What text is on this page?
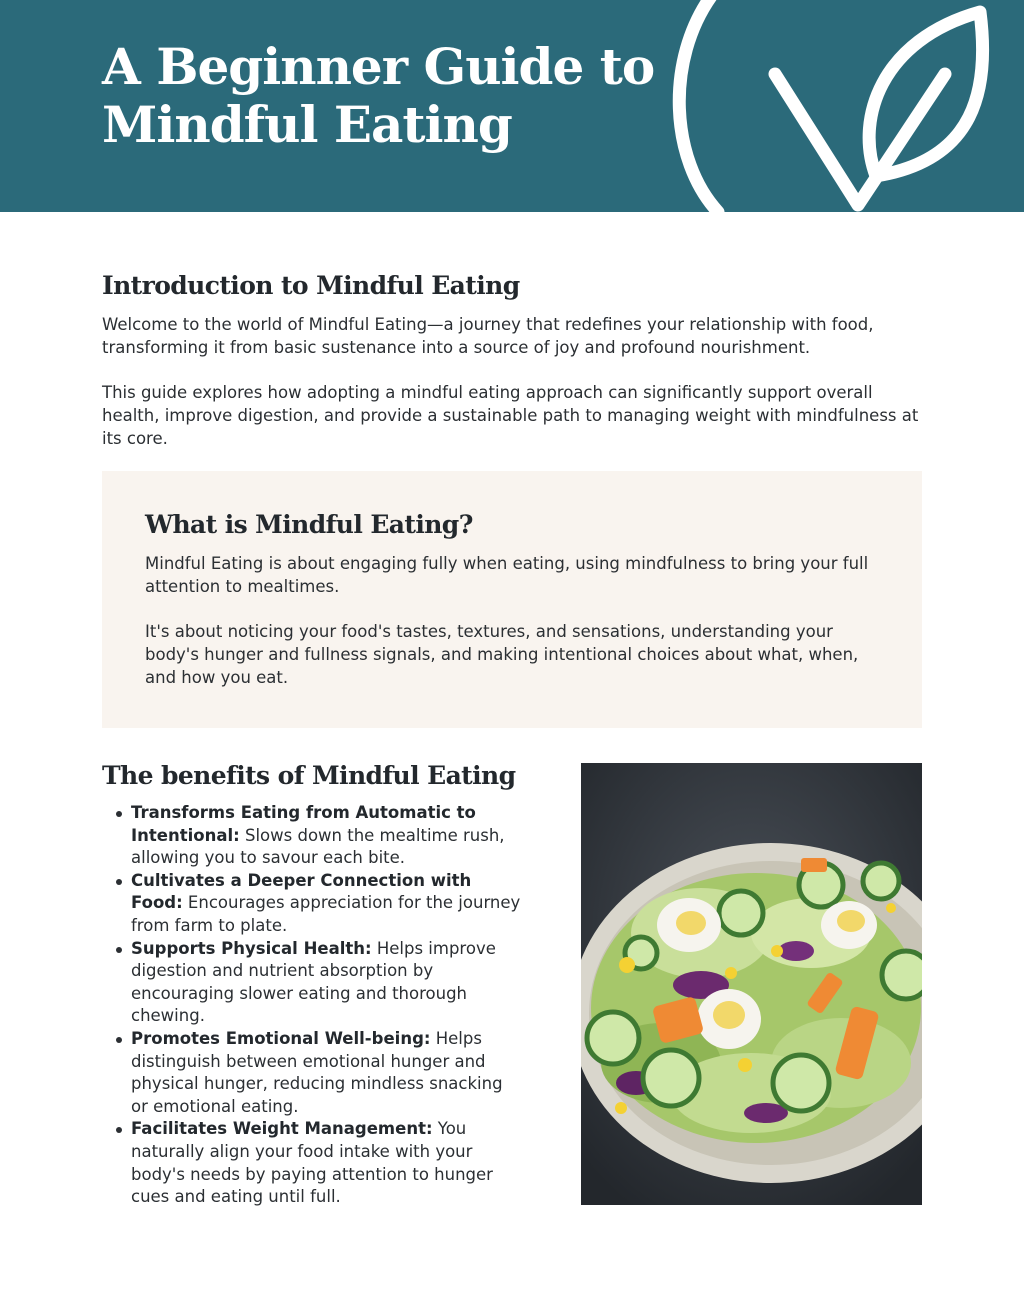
A Beginner Guide to Mindful Eating
Introduction to Mindful Eating

Welcome to the world of Mindful Eating—a journey that redefines your relationship with food, transforming it from basic sustenance into a source of joy and profound nourishment.

This guide explores how adopting a mindful eating approach can significantly support overall health, improve digestion, and provide a sustainable path to managing weight with mindfulness at its core.

What is Mindful Eating?

Mindful Eating is about engaging fully when eating, using mindfulness to bring your full attention to mealtimes.

It's about noticing your food's tastes, textures, and sensations, understanding your body's hunger and fullness signals, and making intentional choices about what, when, and how you eat.

The benefits of Mindful Eating
Transforms Eating from Automatic to Intentional: Slows down the mealtime rush, allowing you to savour each bite.
Cultivates a Deeper Connection with Food: Encourages appreciation for the journey from farm to plate.
Supports Physical Health: Helps improve digestion and nutrient absorption by encouraging slower eating and thorough chewing.
Promotes Emotional Well-being: Helps distinguish between emotional hunger and physical hunger, reducing mindless snacking or emotional eating.
Facilitates Weight Management: You naturally align your food intake with your body's needs by paying attention to hunger cues and eating until full.
